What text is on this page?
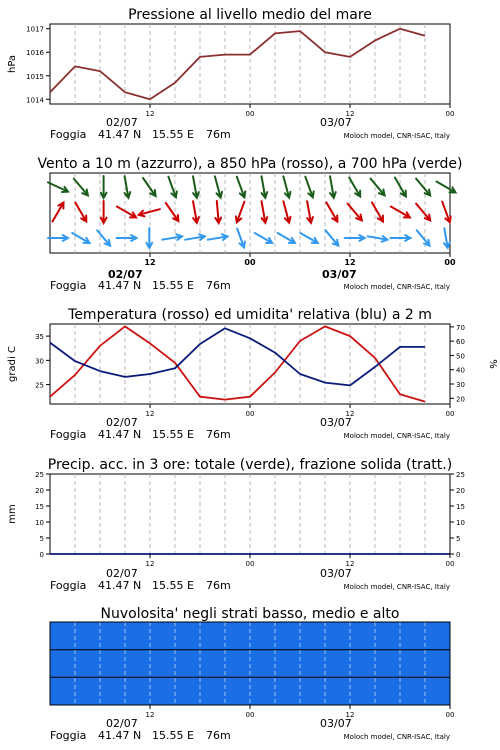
Pressione al livello medio del mare
1014
1015
1016
1017
hPa
12	00	12	00
02/07	03/07
Foggia 41.47 N 15.55 E 76m	Moloch model, CNR-ISAC, Italy
Vento a 10 m (azzurro), a 850 hPa (rosso), a 700 hPa (verde)
12	00	12	00
02/07	03/07
Foggia 41.47 N 15.55 E 76m	Moloch model, CNR-ISAC, Italy
Temperatura (rosso) ed umidita' relativa (blu) a 2 m
25
30
35
20
30
40
50
60
70
gradi C	%
12	00	12	00
02/07	03/07
Foggia 41.47 N 15.55 E 76m	Moloch model, CNR-ISAC, Italy
Precip. acc. in 3 ore: totale (verde), frazione solida (tratt.)
0
5
10
15
20
25
0
5
10
15
20
25
mm
12	00	12	00
02/07	03/07
Foggia 41.47 N 15.55 E 76m	Moloch model, CNR-ISAC, Italy
Nuvolosita' negli strati basso, medio e alto
12	00	12	00
02/07	03/07
Foggia 41.47 N 15.55 E 76m	Moloch model, CNR-ISAC, Italy
